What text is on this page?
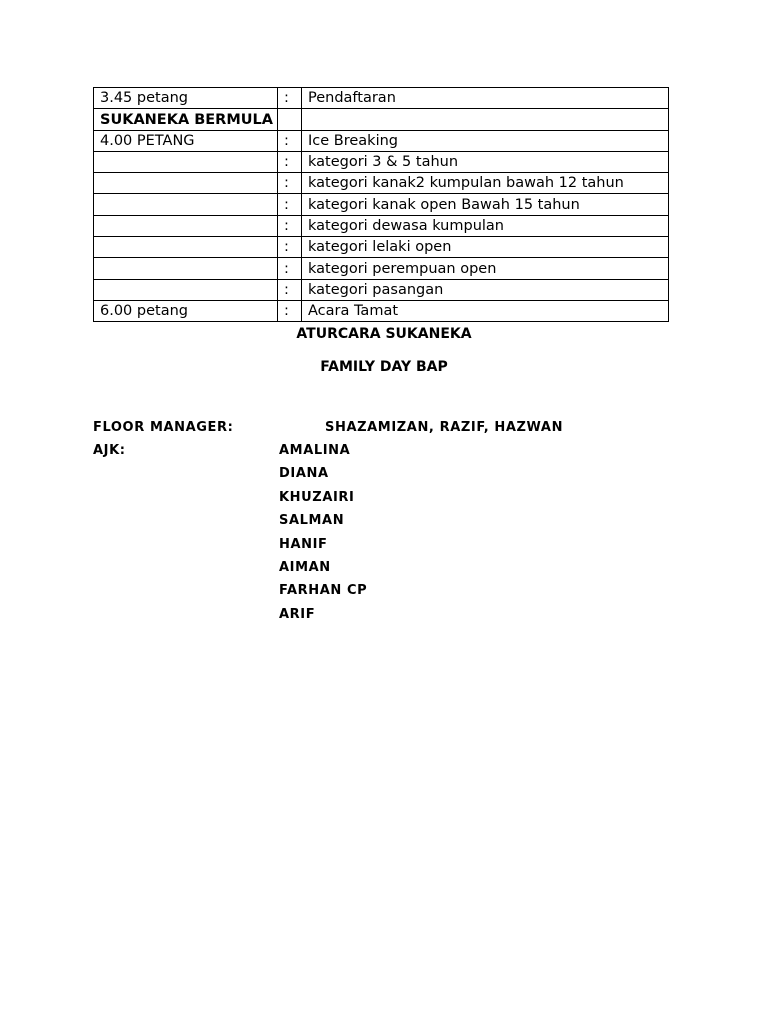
3.45 petang	:	Pendaftaran
SUKANEKA BERMULA		
4.00 PETANG	:	Ice Breaking
	:	kategori 3 & 5 tahun
	:	kategori kanak2 kumpulan bawah 12 tahun
	:	kategori kanak open Bawah 15 tahun
	:	kategori dewasa kumpulan
	:	kategori lelaki open
	:	kategori perempuan open
	:	kategori pasangan
6.00 petang	:	Acara Tamat
ATURCARA SUKANEKA
FAMILY DAY BAP
FLOOR MANAGER:	SHAZAMIZAN, RAZIF, HAZWAN
AJK:	AMALINA
DIANA
KHUZAIRI
SALMAN
HANIF
AIMAN
FARHAN CP
ARIF
